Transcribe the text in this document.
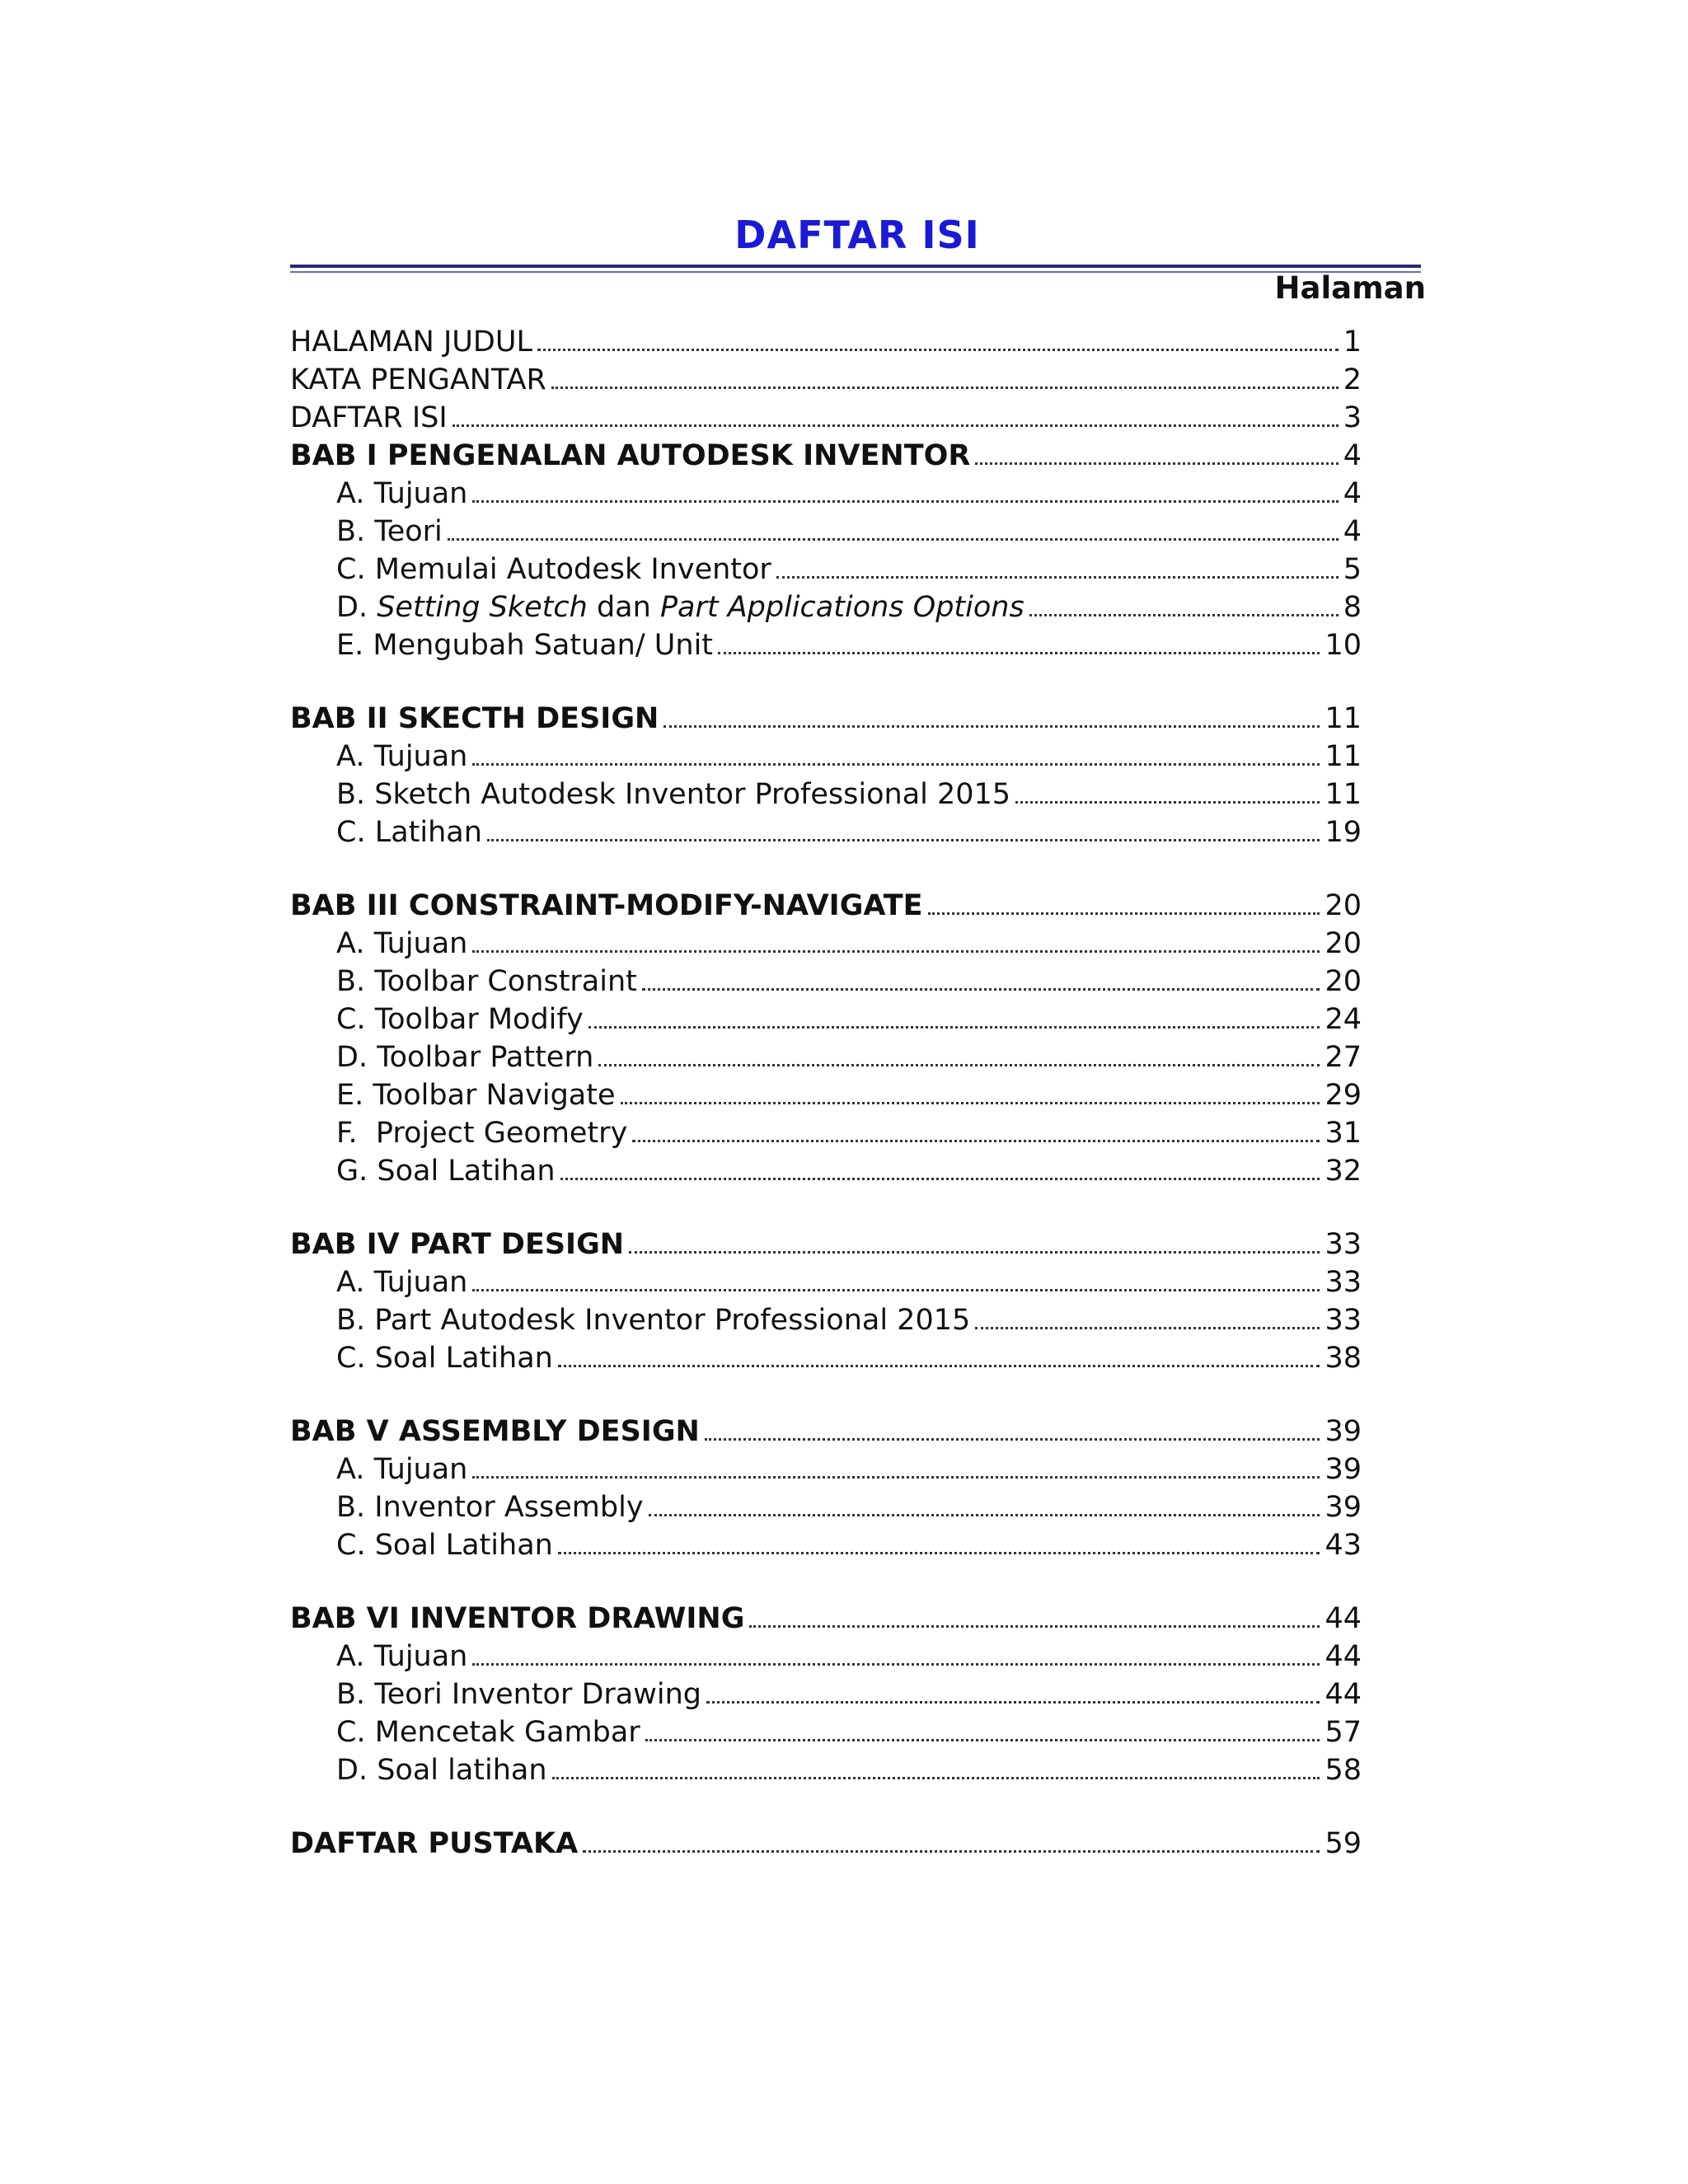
DAFTAR ISI
Halaman
HALAMAN JUDUL	1
KATA PENGANTAR	2
DAFTAR ISI	3
BAB I PENGENALAN AUTODESK INVENTOR	4
A. Tujuan	4
B. Teori	4
C. Memulai Autodesk Inventor	5
D. Setting Sketch dan Part Applications Options	8
E. Mengubah Satuan/ Unit	10
BAB II SKECTH DESIGN	11
A. Tujuan	11
B. Sketch Autodesk Inventor Professional 2015	11
C. Latihan	19
BAB III CONSTRAINT-MODIFY-NAVIGATE	20
A. Tujuan	20
B. Toolbar Constraint	20
C. Toolbar Modify	24
D. Toolbar Pattern	27
E. Toolbar Navigate	29
F.  Project Geometry	31
G. Soal Latihan	32
BAB IV PART DESIGN	33
A. Tujuan	33
B. Part Autodesk Inventor Professional 2015	33
C. Soal Latihan	38
BAB V ASSEMBLY DESIGN	39
A. Tujuan	39
B. Inventor Assembly	39
C. Soal Latihan	43
BAB VI INVENTOR DRAWING	44
A. Tujuan	44
B. Teori Inventor Drawing	44
C. Mencetak Gambar	57
D. Soal latihan	58
DAFTAR PUSTAKA	59
